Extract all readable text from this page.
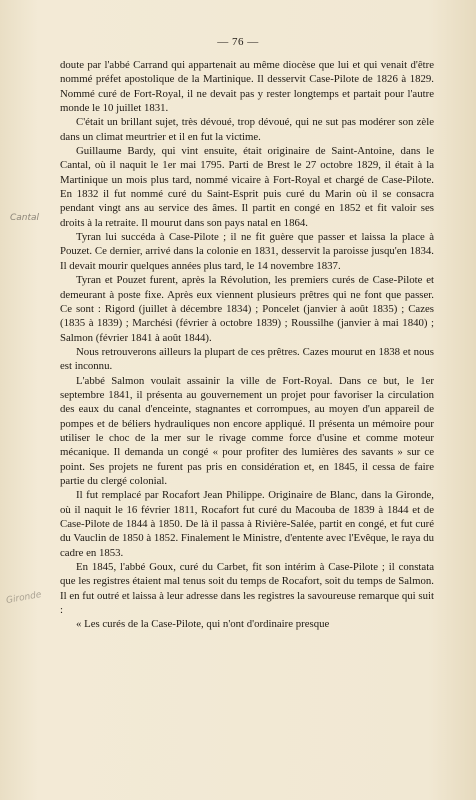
— 76 —
Cantal
Gironde

doute par l'abbé Carrand qui appartenait au même diocèse que lui et qui venait d'être nommé préfet apostolique de la Martinique. Il desservit Case-Pilote de 1826 à 1829. Nommé curé de Fort-Royal, il ne devait pas y rester longtemps et partait pour l'autre monde le 10 juillet 1831.

C'était un brillant sujet, très dévoué, trop dévoué, qui ne sut pas modérer son zèle dans un climat meurtrier et il en fut la victime.

Guillaume Bardy, qui vint ensuite, était originaire de Saint-Antoine, dans le Cantal, où il naquit le 1er mai 1795. Parti de Brest le 27 octobre 1829, il était à la Martinique un mois plus tard, nommé vicaire à Fort-Royal et chargé de Case-Pilote. En 1832 il fut nommé curé du Saint-Esprit puis curé du Marin où il se consacra pendant vingt ans au service des âmes. Il partit en congé en 1852 et fit valoir ses droits à la retraite. Il mourut dans son pays natal en 1864.

Tyran lui succéda à Case-Pilote ; il ne fit guère que passer et laissa la place à Pouzet. Ce dernier, arrivé dans la colonie en 1831, desservit la paroisse jusqu'en 1834. Il devait mourir quelques années plus tard, le 14 novembre 1837.

Tyran et Pouzet furent, après la Révolution, les premiers curés de Case-Pilote et demeurant à poste fixe. Après eux viennent plusieurs prêtres qui ne font que passer. Ce sont : Rigord (juillet à décembre 1834) ; Poncelet (janvier à août 1835) ; Cazes (1835 à 1839) ; Marchési (février à octobre 1839) ; Roussilhe (janvier à mai 1840) ; Salmon (février 1841 à août 1844).

Nous retrouverons ailleurs la plupart de ces prêtres. Cazes mourut en 1838 et nous est inconnu.

L'abbé Salmon voulait assainir la ville de Fort-Royal. Dans ce but, le 1er septembre 1841, il présenta au gouvernement un projet pour favoriser la circulation des eaux du canal d'enceinte, stagnantes et corrompues, au moyen d'un appareil de pompes et de béliers hydrauliques non encore appliqué. Il présenta un mémoire pour utiliser le choc de la mer sur le rivage comme force d'usine et comme moteur mécanique. Il demanda un congé « pour profiter des lumières des savants » sur ce point. Ses projets ne furent pas pris en considération et, en 1845, il cessa de faire partie du clergé colonial.

Il fut remplacé par Rocafort Jean Philippe. Originaire de Blanc, dans la Gironde, où il naquit le 16 février 1811, Rocafort fut curé du Macouba de 1839 à 1844 et de Case-Pilote de 1844 à 1850. De là il passa à Rivière-Salée, partit en congé, et fut curé du Vauclin de 1850 à 1852. Finalement le Ministre, d'entente avec l'Evêque, le raya du cadre en 1853.

En 1845, l'abbé Goux, curé du Carbet, fit son intérim à Case-Pilote ; il constata que les registres étaient mal tenus soit du temps de Rocafort, soit du temps de Salmon. Il en fut outré et laissa à leur adresse dans les registres la savoureuse remarque qui suit :

« Les curés de la Case-Pilote, qui n'ont d'ordinaire presque
